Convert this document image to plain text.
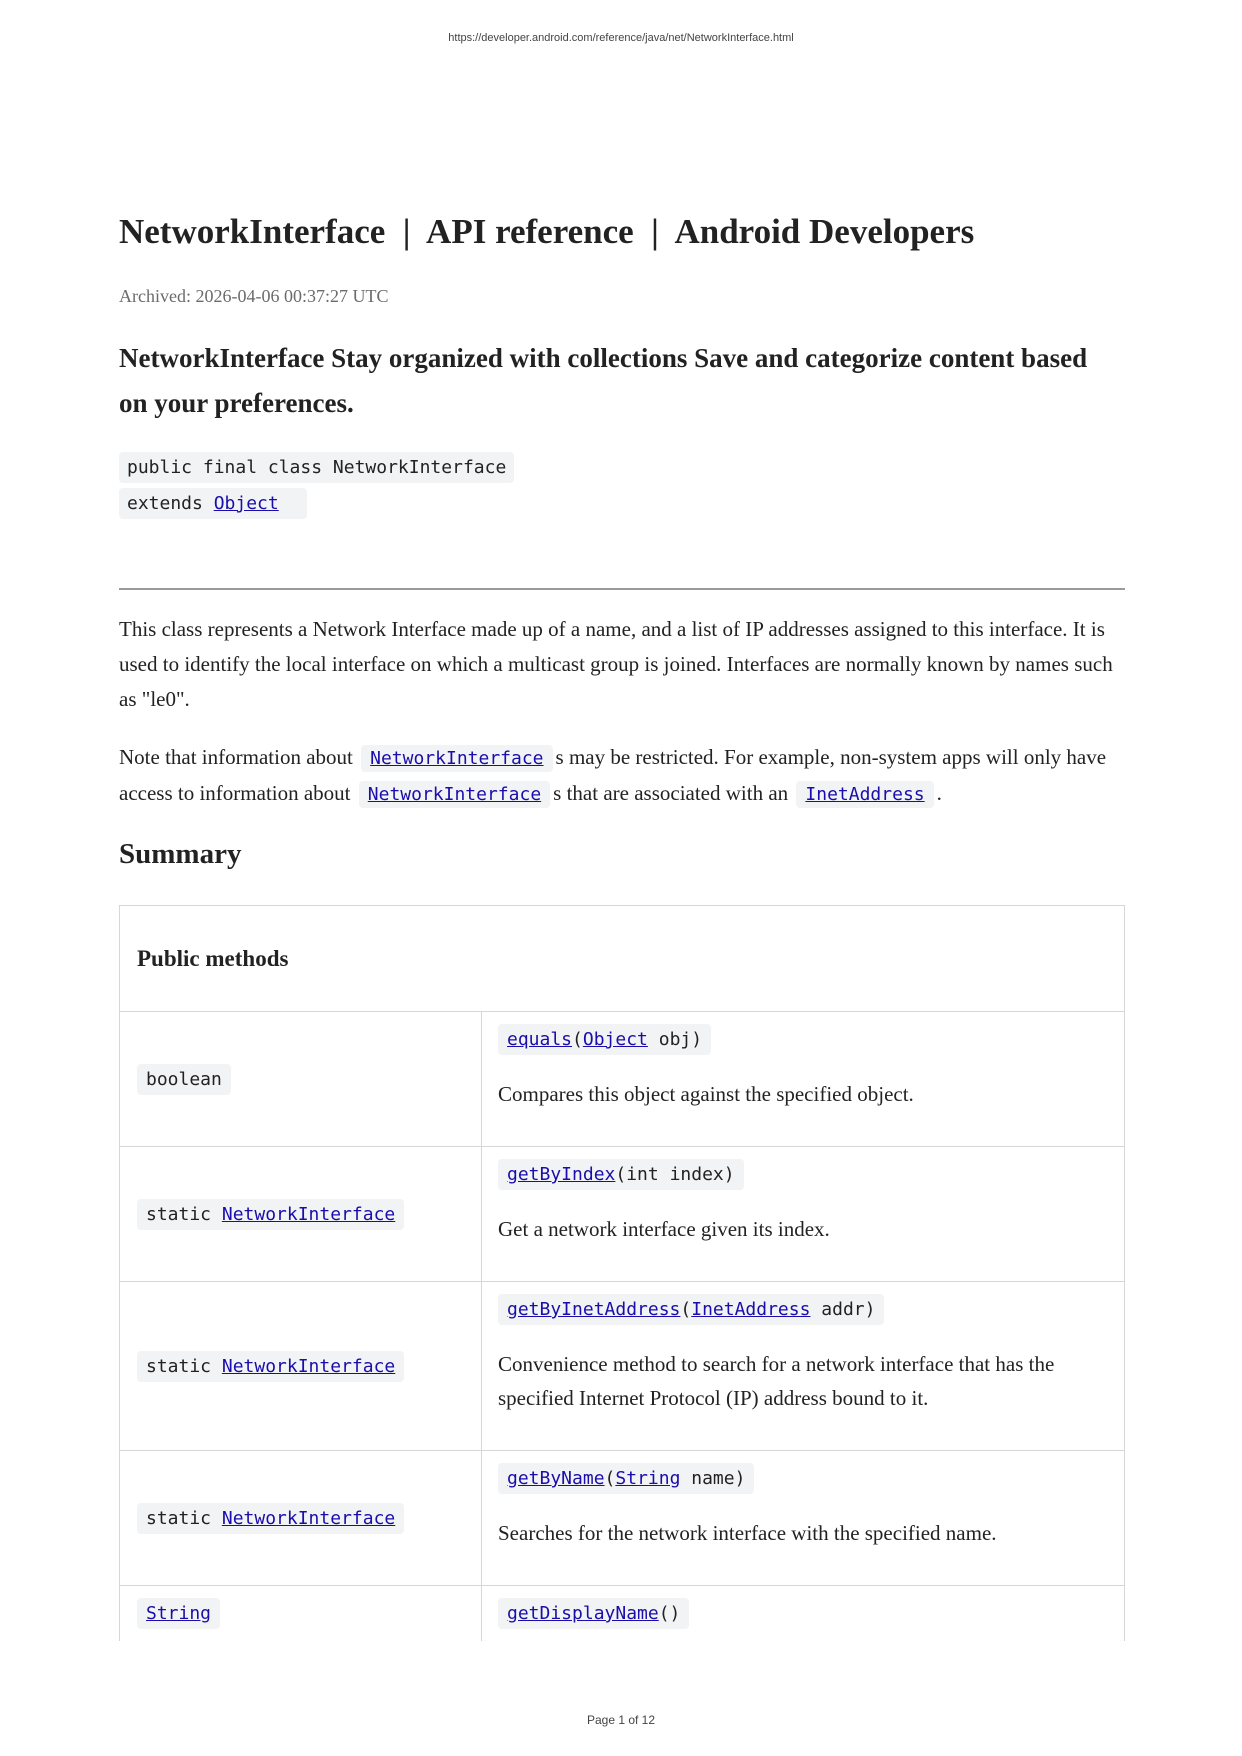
https://developer.android.com/reference/java/net/NetworkInterface.html
NetworkInterface  |  API reference  |  Android Developers
Archived: 2026-04-06 00:37:27 UTC
NetworkInterface Stay organized with collections Save and categorize content based on your preferences.
public final class NetworkInterface
extends Object

This class represents a Network Interface made up of a name, and a list of IP addresses assigned to this interface. It is used to identify the local interface on which a multicast group is joined. Interfaces are normally known by names such as "le0".

Note that information about NetworkInterface s may be restricted. For example, non-system apps will only have access to information about NetworkInterface s that are associated with an InetAddress .

Summary
Public methods
boolean
equals(Object obj)

Compares this object against the specified object.

static NetworkInterface
getByIndex(int index)

Get a network interface given its index.

static NetworkInterface
getByInetAddress(InetAddress addr)

Convenience method to search for a network interface that has the specified Internet Protocol (IP) address bound to it.

static NetworkInterface
getByName(String name)

Searches for the network interface with the specified name.

String	getDisplayName()
Page 1 of 12
